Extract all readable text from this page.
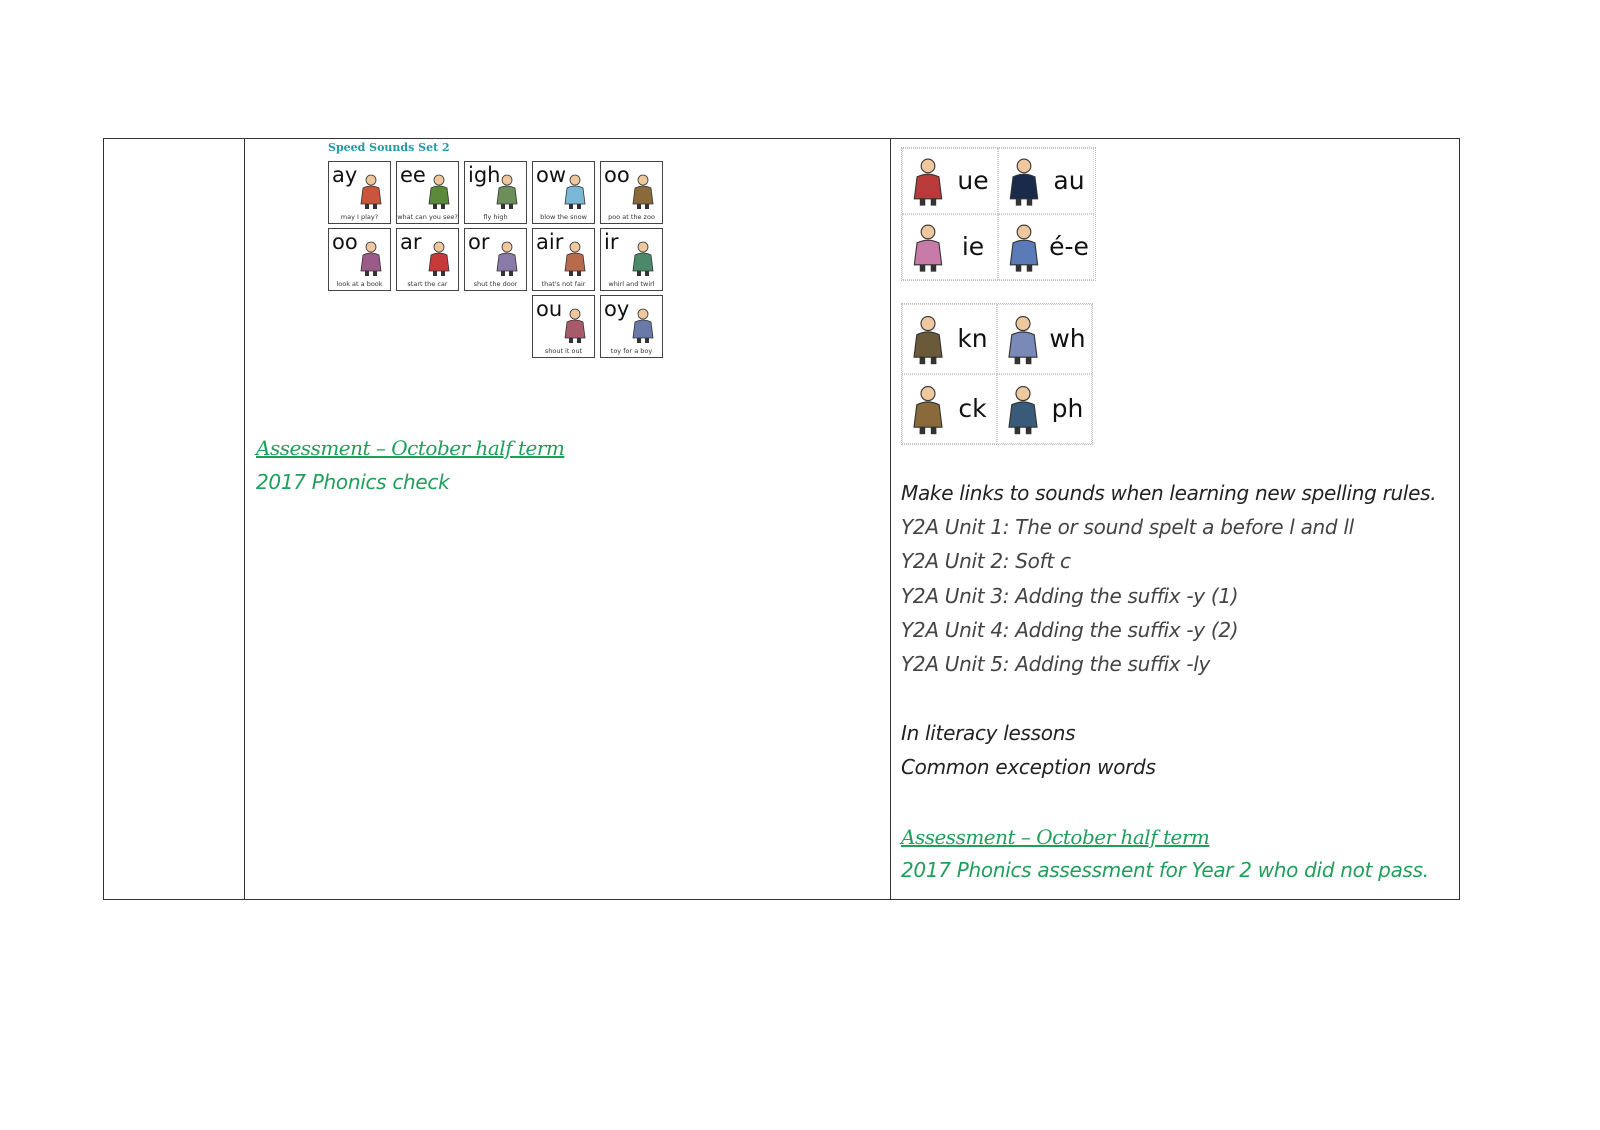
Speed Sounds Set 2
ay
may I play?
ee
what can you see?
igh
fly high
ow
blow the snow
oo
poo at the zoo
oo
look at a book
ar
start the car
or
shut the door
air
that's not fair
ir
whirl and twirl
ou
shout it out
oy
toy for a boy
Assessment – October half term
2017 Phonics check

ue	au
ie	é-e
kn	wh
ck	ph
Make links to sounds when learning new spelling rules.
Y2A Unit 1: The or sound spelt a before l and ll
Y2A Unit 2: Soft c
Y2A Unit 3: Adding the suffix -y (1)
Y2A Unit 4: Adding the suffix -y (2)
Y2A Unit 5: Adding the suffix -ly
In literacy lessons
Common exception words
Assessment – October half term
2017 Phonics assessment for Year 2 who did not pass.
